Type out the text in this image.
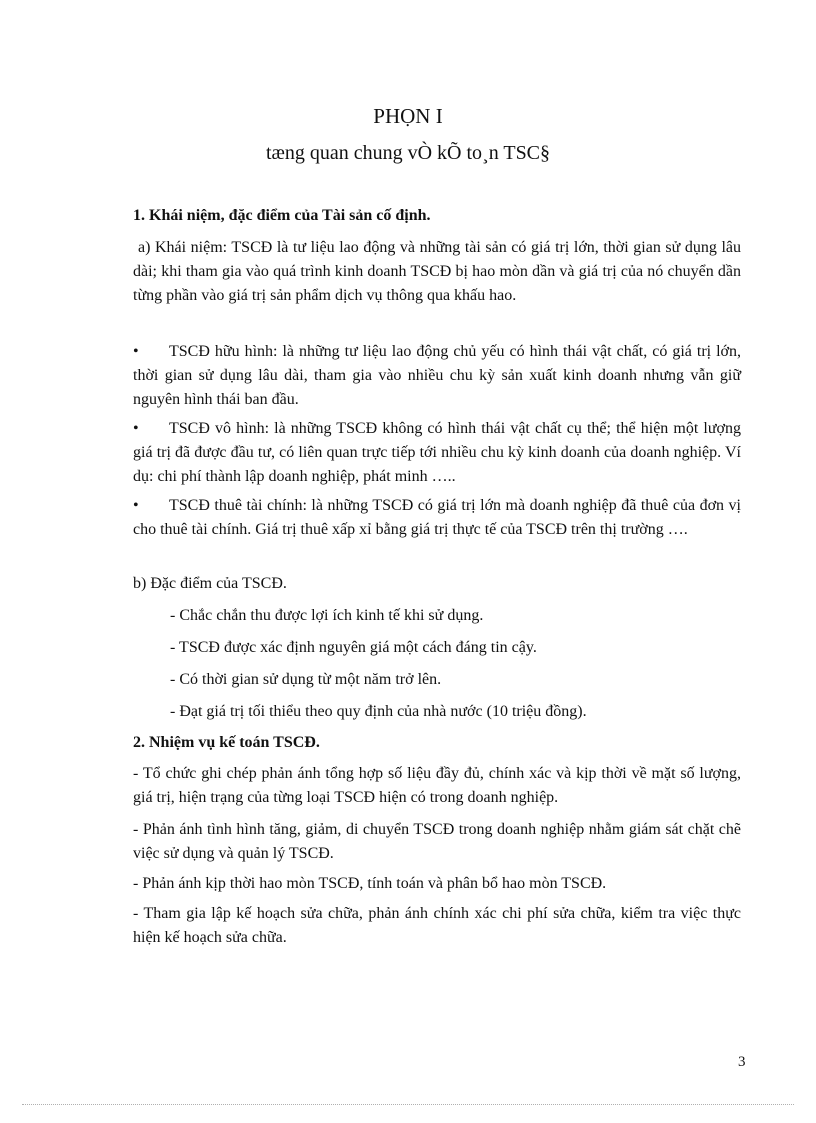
PHỌN I
tæng quan chung vÒ kÕ to¸n TSC§
1. Khái niệm, đặc điểm của Tài sản cố định.
a) Khái niệm: TSCĐ là tư liệu lao động và những tài sản có giá trị lớn, thời gian sử dụng lâu dài; khi tham gia vào quá trình kinh doanh TSCĐ bị hao mòn dần và giá trị của nó chuyển dần từng phần vào giá trị sản phẩm dịch vụ thông qua khấu hao.
•	TSCĐ hữu hình: là những tư liệu lao động chủ yếu có hình thái vật chất, có giá trị lớn, thời gian sử dụng lâu dài, tham gia vào nhiều chu kỳ sản xuất kinh doanh nhưng vẫn giữ nguyên hình thái ban đầu.
•	TSCĐ vô hình: là những TSCĐ không có hình thái vật chất cụ thể; thể hiện một lượng giá trị đã được đầu tư, có liên quan trực tiếp tới nhiều chu kỳ kinh doanh của doanh nghiệp. Ví dụ: chi phí thành lập doanh nghiệp, phát minh …..
•	TSCĐ thuê tài chính: là những TSCĐ có giá trị lớn mà doanh nghiệp đã thuê của đơn vị cho thuê tài chính. Giá trị thuê xấp xỉ bằng giá trị thực tế của TSCĐ trên thị trường ….
b) Đặc điểm của TSCĐ.
- Chắc chắn thu được lợi ích kinh tế khi sử dụng.
- TSCĐ được xác định nguyên giá một cách đáng tin cậy.
- Có thời gian sử dụng từ một năm trở lên.
- Đạt giá trị tối thiểu theo quy định của nhà nước (10 triệu đồng).
2. Nhiệm vụ kế toán TSCĐ.
- Tổ chức ghi chép phản ánh tổng hợp số liệu đầy đủ, chính xác và kịp thời về mặt số lượng, giá trị, hiện trạng của từng loại TSCĐ hiện có trong doanh nghiệp.
- Phản ánh tình hình tăng, giảm, di chuyển TSCĐ trong doanh nghiệp nhằm giám sát chặt chẽ việc sử dụng và quản lý TSCĐ.
- Phản ánh kịp thời hao mòn TSCĐ, tính toán và phân bổ hao mòn TSCĐ.
- Tham gia lập kế hoạch sửa chữa, phản ánh chính xác chi phí sửa chữa, kiểm tra việc thực hiện kế hoạch sửa chữa.
3
